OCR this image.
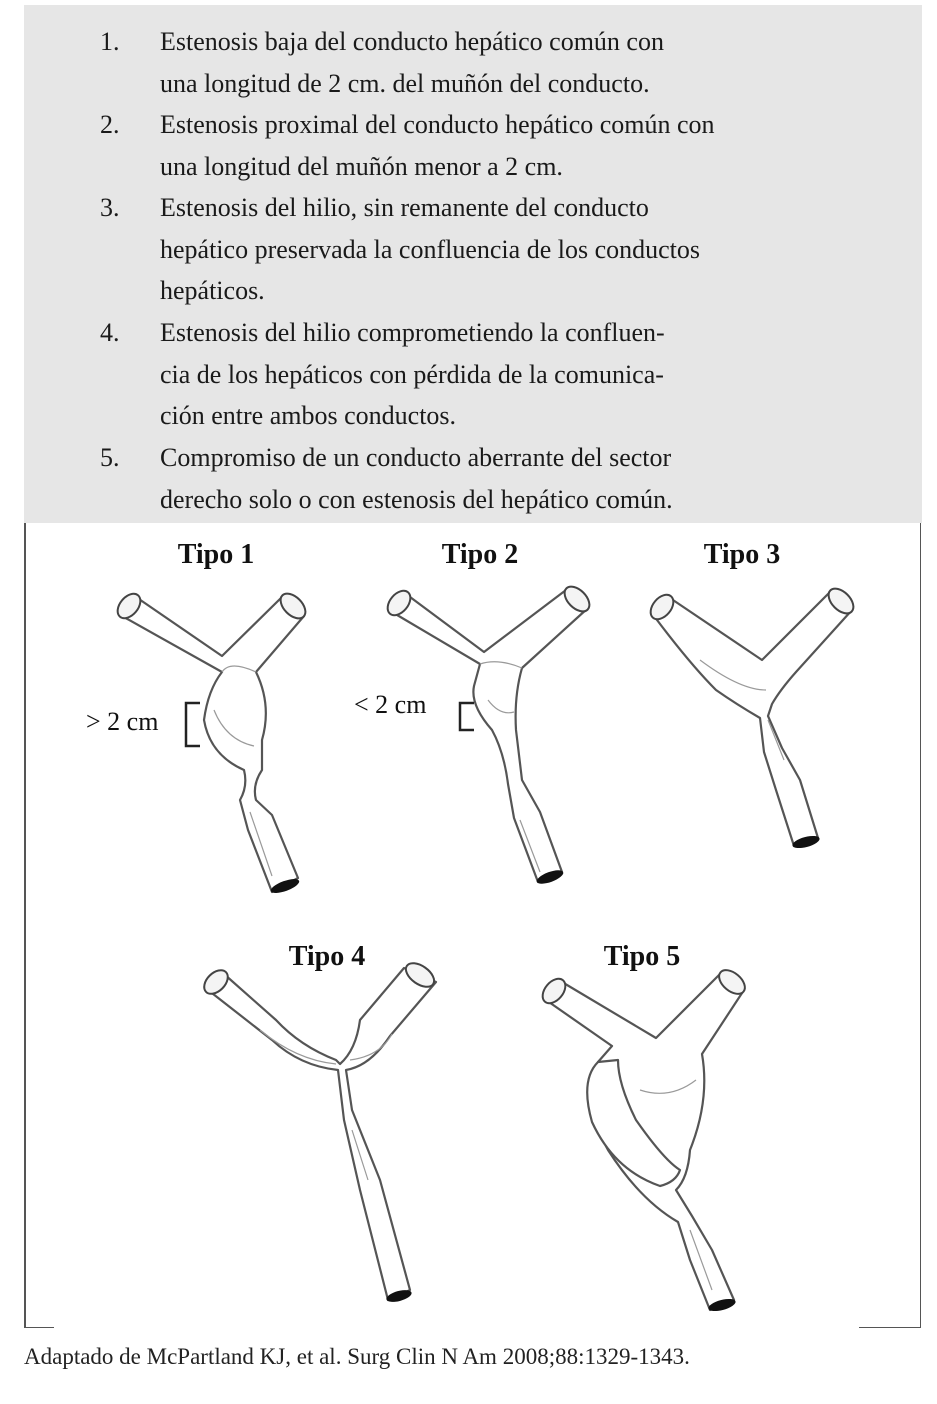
1.	Estenosis baja del conducto hepático común con
una longitud de 2 cm. del muñón del conducto.
2.	Estenosis proximal del conducto hepático común con
una longitud del muñón menor a 2 cm.
3.	Estenosis del hilio, sin remanente del conducto
hepático preservada la confluencia de los conductos
hepáticos.
4.	Estenosis del hilio comprometiendo la confluen-
cia de los hepáticos con pérdida de la comunica-
ción entre ambos conductos.
5.	Compromiso de un conducto aberrante del sector
derecho solo o con estenosis del hepático común.
Tipo 1	Tipo 2	Tipo 3
Tipo 4	Tipo 5
> 2 cm
< 2 cm
Adaptado de McPartland KJ, et al. Surg Clin N Am 2008;88:1329-1343.
